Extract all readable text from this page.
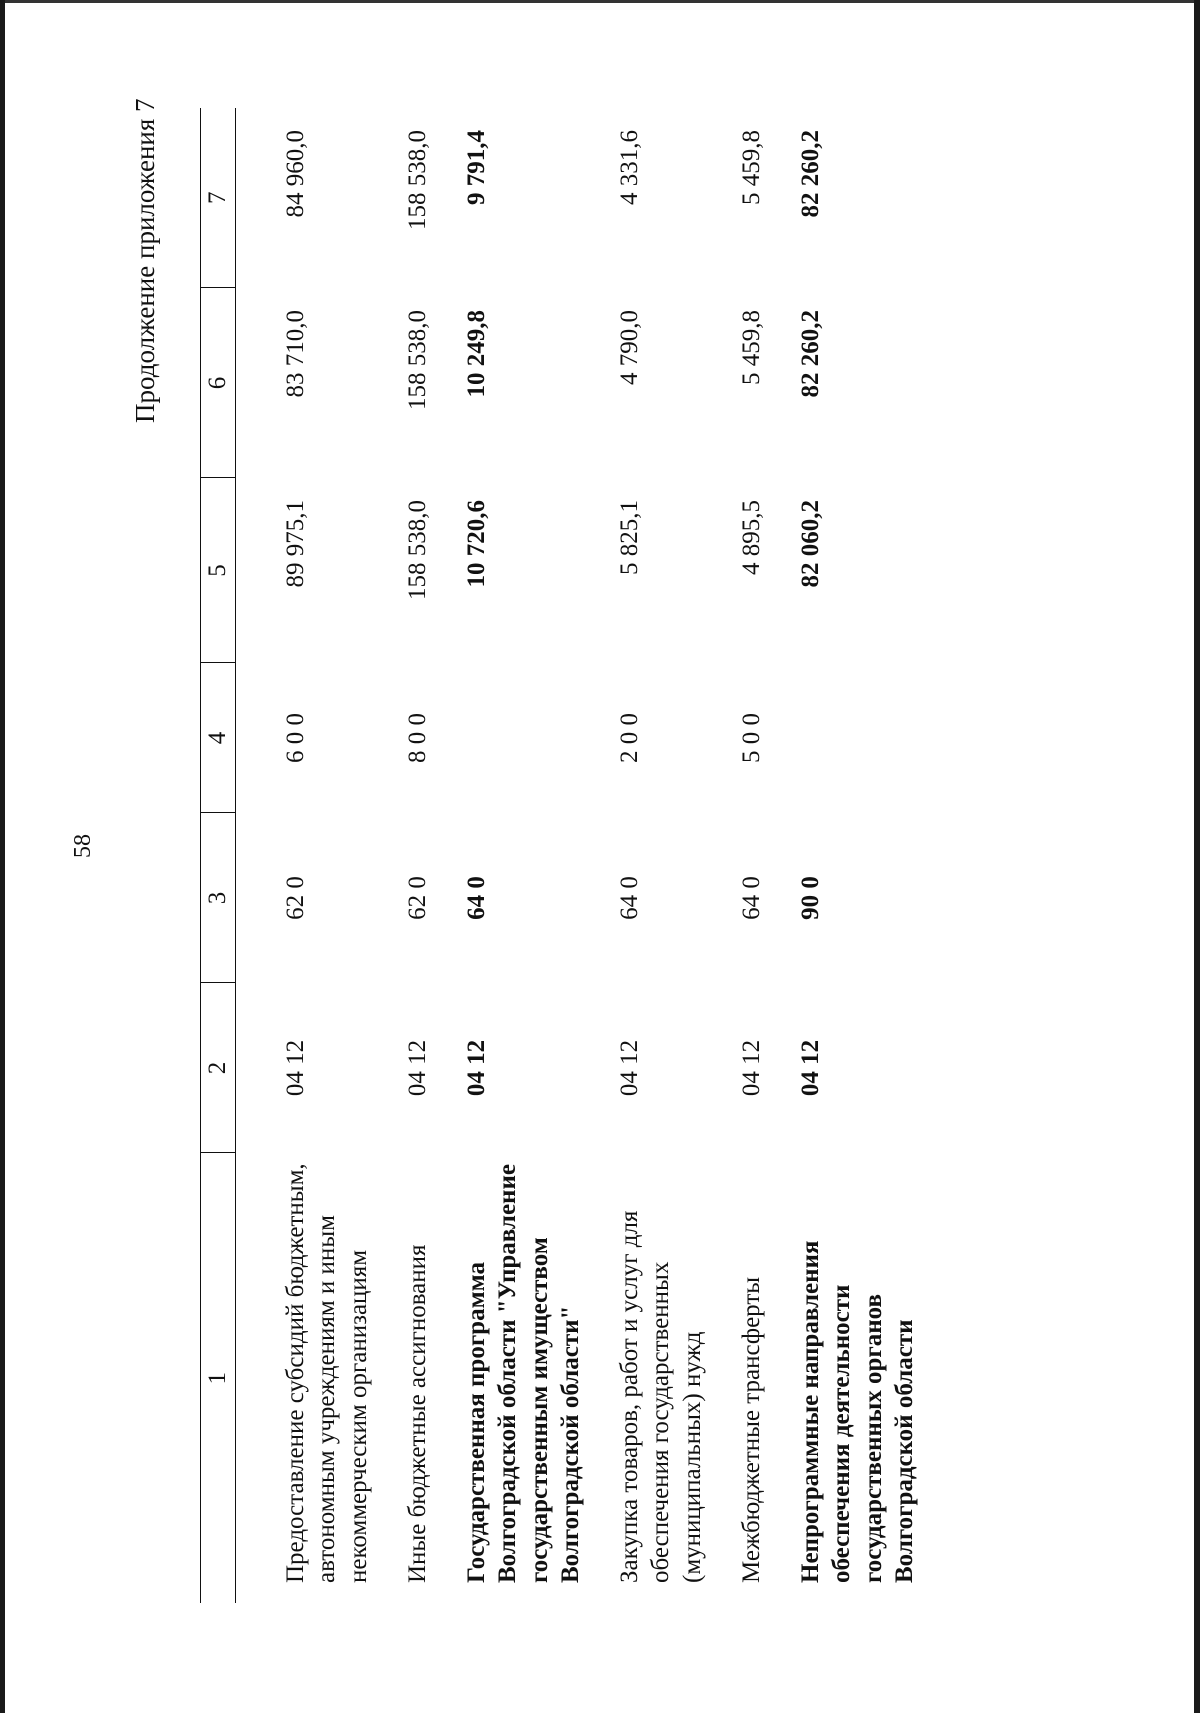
58
Продолжение приложения 7
1	2	3	4	5	6	7
Предоставление субсидий бюджетным, автономным учреждениям и иным некоммерческим организациям	04 12	62 0	6 0 0	89 975,1	83 710,0	84 960,0
Иные бюджетные ассигнования	04 12	62 0	8 0 0	158 538,0	158 538,0	158 538,0
Государственная программа Волгоградской области "Управление государственным имуществом Волгоградской области"	04 12	64 0		10 720,6	10 249,8	9 791,4
Закупка товаров, работ и услуг для обеспечения государственных (муниципальных) нужд	04 12	64 0	2 0 0	5 825,1	4 790,0	4 331,6
Межбюджетные трансферты	04 12	64 0	5 0 0	4 895,5	5 459,8	5 459,8
Непрограммные направления обеспечения деятельности государственных органов Волгоградской области	04 12	90 0		82 060,2	82 260,2	82 260,2
